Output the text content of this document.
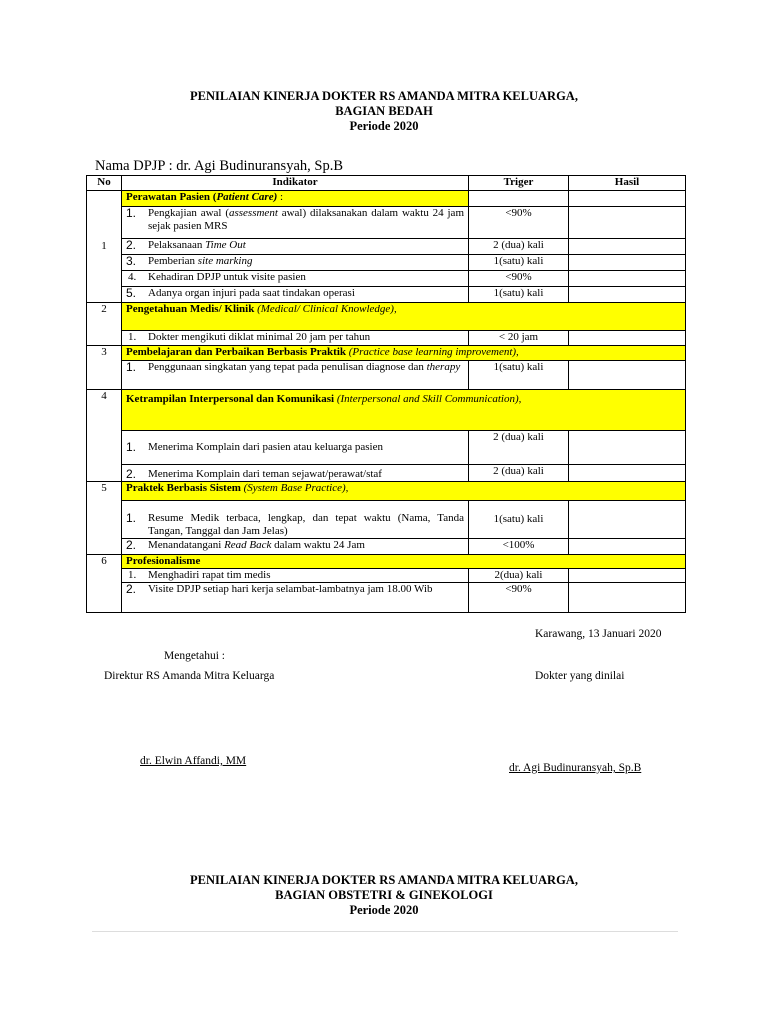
PENILAIAN KINERJA DOKTER RS AMANDA MITRA KELUARGA,
BAGIAN BEDAH
Periode 2020
Nama DPJP : dr. Agi Budinuransyah, Sp.B
No	Indikator	Triger	Hasil
1	Perawatan Pasien (Patient Care) :		

	1. Pengkajian awal (assessment awal) dilaksanakan dalam waktu 24 jam sejak pasien MRS	<90%	

	2. Pelaksanaan Time Out	2 (dua) kali	

	3. Pemberian site marking	1(satu) kali	

	4. Kehadiran DPJP untuk visite pasien	<90%	

	5. Adanya organ injuri pada saat tindakan operasi	1(satu) kali	
2	Pengetahuan Medis/ Klinik (Medical/ Clinical Knowledge),		

	1. Dokter mengikuti diklat minimal 20 jam per tahun	< 20 jam	
3	Pembelajaran dan Perbaikan Berbasis Praktik (Practice base learning improvement),		

	1. Penggunaan singkatan yang tepat pada penulisan diagnose dan therapy	1(satu) kali	
4	Ketrampilan Interpersonal dan Komunikasi (Interpersonal and Skill Communication),		

	1. Menerima Komplain dari pasien atau keluarga pasien	2 (dua) kali	

	2. Menerima Komplain dari teman sejawat/perawat/staf	2 (dua) kali	
5	Praktek Berbasis Sistem (System Base Practice),		

	1. Resume Medik terbaca, lengkap, dan tepat waktu (Nama, Tanda Tangan, Tanggal dan Jam Jelas)	1(satu) kali	

	2. Menandatangani Read Back dalam waktu 24 Jam	<100%	
6	Profesionalisme		

	1. Menghadiri rapat tim medis	2(dua) kali	

	2. Visite DPJP setiap hari kerja selambat-lambatnya jam 18.00 Wib	<90%	
Karawang, 13 Januari 2020
Mengetahui :
Direktur RS Amanda Mitra Keluarga	Dokter yang dinilai
dr. Elwin Affandi, MM
dr. Agi Budinuransyah, Sp.B
PENILAIAN KINERJA DOKTER RS AMANDA MITRA KELUARGA,
BAGIAN OBSTETRI & GINEKOLOGI
Periode 2020
